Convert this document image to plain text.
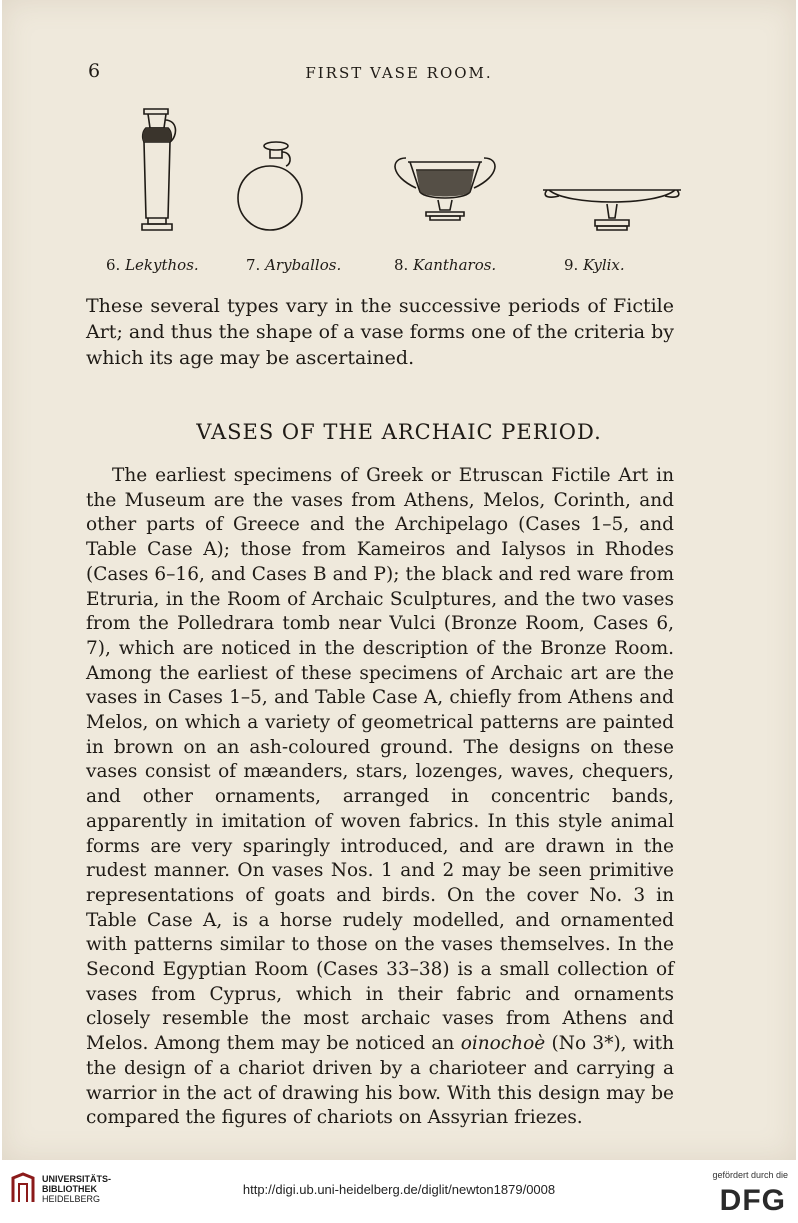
6	FIRST VASE ROOM.
6. Lekythos.	7. Aryballos.	8. Kantharos.	9. Kylix.

These several types vary in the successive periods of Fictile Art; and thus the shape of a vase forms one of the criteria by which its age may be ascertained.

VASES OF THE ARCHAIC PERIOD.

The earliest specimens of Greek or Etruscan Fictile Art in the Museum are the vases from Athens, Melos, Corinth, and other parts of Greece and the Archipelago (Cases 1–5, and Table Case A); those from Kameiros and Ialysos in Rhodes (Cases 6–16, and Cases B and P); the black and red ware from Etruria, in the Room of Archaic Sculptures, and the two vases from the Polledrara tomb near Vulci (Bronze Room, Cases 6, 7), which are noticed in the description of the Bronze Room. Among the earliest of these specimens of Archaic art are the vases in Cases 1–5, and Table Case A, chiefly from Athens and Melos, on which a variety of geometrical patterns are painted in brown on an ash-coloured ground. The designs on these vases consist of mæanders, stars, lozenges, waves, chequers, and other ornaments, arranged in concentric bands, apparently in imitation of woven fabrics. In this style animal forms are very sparingly introduced, and are drawn in the rudest manner. On vases Nos. 1 and 2 may be seen primitive representations of goats and birds. On the cover No. 3 in Table Case A, is a horse rudely modelled, and ornamented with patterns similar to those on the vases themselves. In the Second Egyptian Room (Cases 33–38) is a small collection of vases from Cyprus, which in their fabric and ornaments closely resemble the most archaic vases from Athens and Melos. Among them may be noticed an oinochoè (No 3*), with the design of a chariot driven by a charioteer and carrying a warrior in the act of drawing his bow. With this design may be compared the figures of chariots on Assyrian friezes.

UNIVERSITÄTS-
BIBLIOTHEK
HEIDELBERG
http://digi.ub.uni-heidelberg.de/diglit/newton1879/0008
gefördert durch die
DFG
